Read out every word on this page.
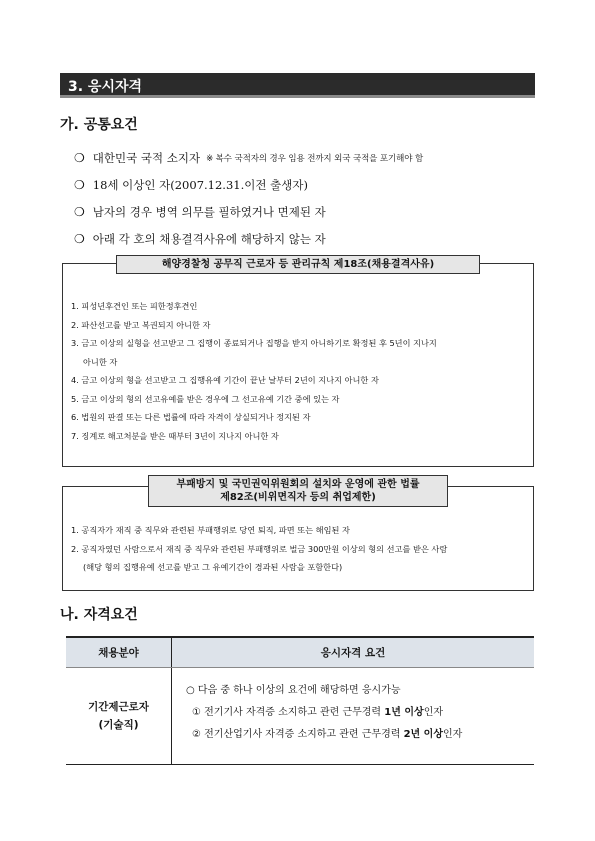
3. 응시자격
가. 공통요건
❍ 대한민국 국적 소지자 ※ 복수 국적자의 경우 임용 전까지 외국 국적을 포기해야 함
❍ 18세 이상인 자(2007.12.31.이전 출생자)
❍ 남자의 경우 병역 의무를 필하였거나 면제된 자
❍ 아래 각 호의 채용결격사유에 해당하지 않는 자
해양경찰청 공무직 근로자 등 관리규칙 제18조(채용결격사유)
1. 피성년후견인 또는 피한정후견인
2. 파산선고를 받고 복권되지 아니한 자
3. 금고 이상의 실형을 선고받고 그 집행이 종료되거나 집행을 받지 아니하기로 확정된 후 5년이 지나지
아니한 자
4. 금고 이상의 형을 선고받고 그 집행유예 기간이 끝난 날부터 2년이 지나지 아니한 자
5. 금고 이상의 형의 선고유예를 받은 경우에 그 선고유예 기간 중에 있는 자
6. 법원의 판결 또는 다른 법률에 따라 자격이 상실되거나 정지된 자
7. 징계로 해고처분을 받은 때부터 3년이 지나지 아니한 자
부패방지 및 국민권익위원회의 설치와 운영에 관한 법률
제82조(비위면직자 등의 취업제한)
1. 공직자가 재직 중 직무와 관련된 부패행위로 당연 퇴직, 파면 또는 해임된 자
2. 공직자였던 사람으로서 재직 중 직무와 관련된 부패행위로 벌금 300만원 이상의 형의 선고를 받은 사람
(해당 형의 집행유예 선고를 받고 그 유예기간이 경과된 사람을 포함한다)
나. 자격요건
채용분야	응시자격 요건
기간제근로자
(기술직)
○ 다음 중 하나 이상의 요건에 해당하면 응시가능
① 전기기사 자격증 소지하고 관련 근무경력 1년 이상인자
② 전기산업기사 자격증 소지하고 관련 근무경력 2년 이상인자
